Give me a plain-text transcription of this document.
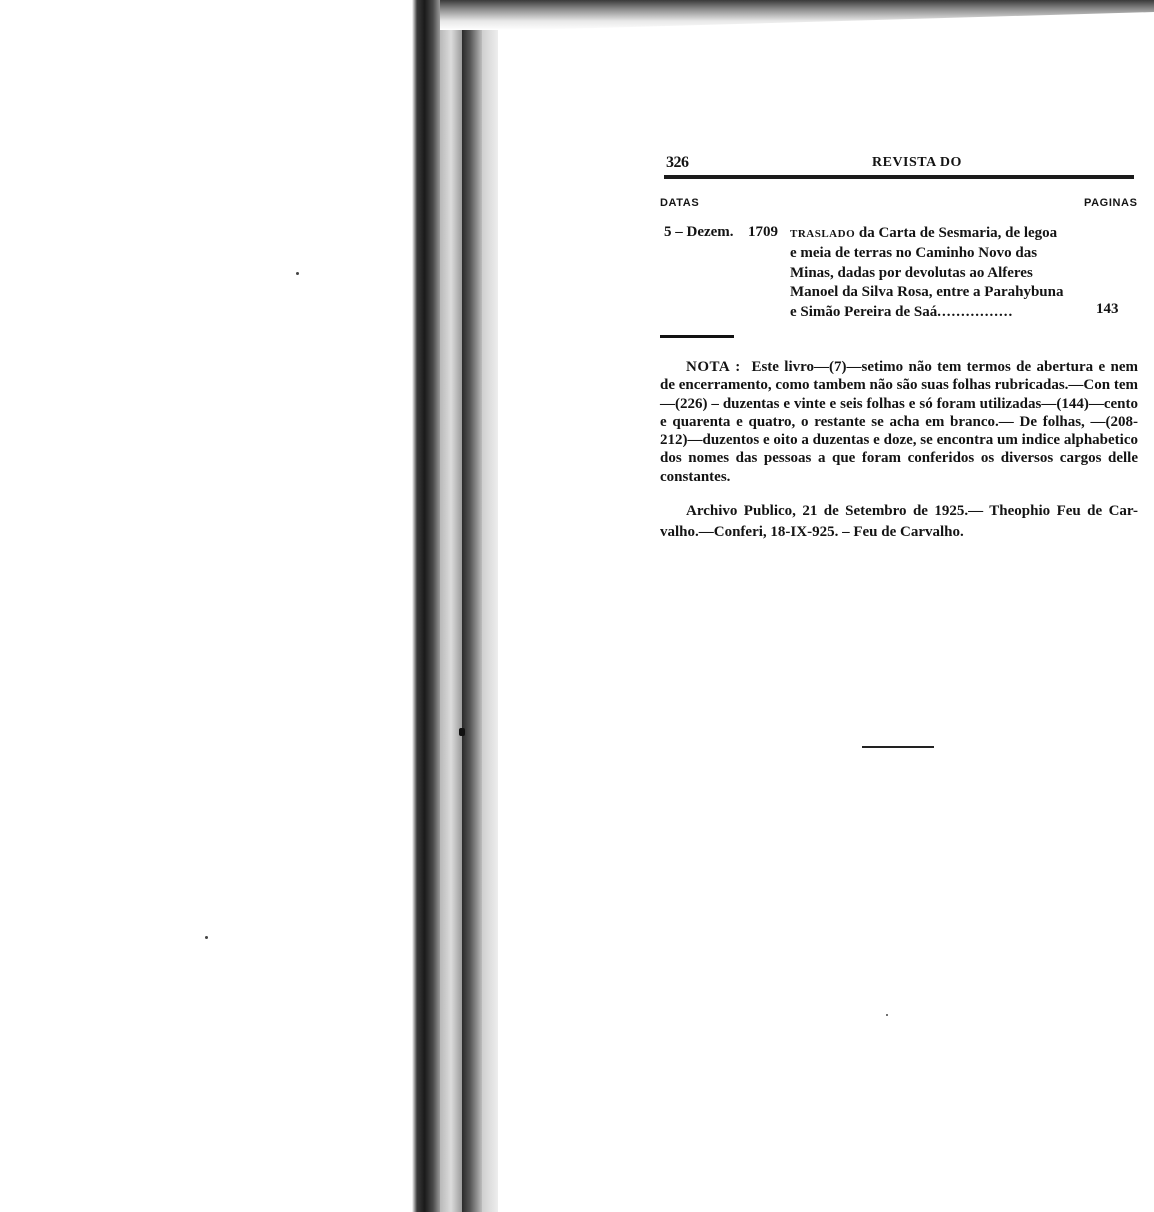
326	REVISTA DO
DATAS	PAGINAS
5 – Dezem. 1709 TRASLADO da Carta de Sesmaria, de legoa
e meia de terras no Caminho Novo das
Minas, dadas por devolutas ao Alferes
Manoel da Silva Rosa, entre a Parahybuna
e Simão Pereira de Saá................	143

NOTA : Este livro—(7)—setimo não tem termos de abertura e nem de encerramento, como tambem não são suas folhas rubricadas.—Con tem—(226) – duzentas e vinte e seis folhas e só foram utilizadas—(144)—cento e quarenta e quatro, o restante se acha em branco.— De folhas, —(208-212)—duzentos e oito a duzentas e doze, se encontra um indice alphabetico dos nomes das pessoas a que foram conferidos os diversos cargos delle constantes.

Archivo Publico, 21 de Setembro de 1925.— Theophio Feu de Car-valho.—Conferi, 18-IX-925. – Feu de Carvalho.
